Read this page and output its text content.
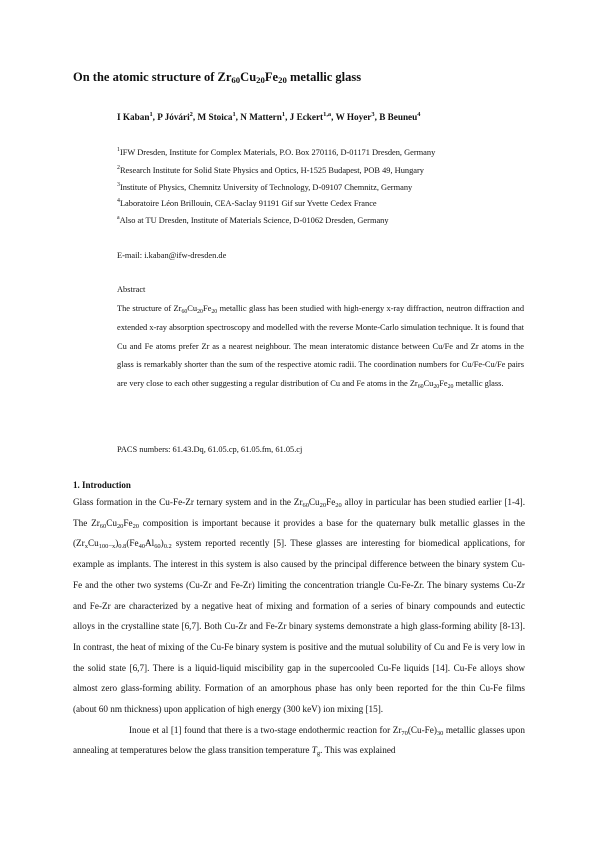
On the atomic structure of $Zr_{60}Cu_{20}Fe_{20}$ metallic glass
I Kaban$^1$, P Jóvári$^2$, M Stoica$^1$, N Mattern$^1$, J Eckert$^{1,a}$, W Hoyer$^3$, B Beuneu$^4$
$^1$IFW Dresden, Institute for Complex Materials, P.O. Box 270116, D-01171 Dresden, Germany
$^2$Research Institute for Solid State Physics and Optics, H-1525 Budapest, POB 49, Hungary
$^3$Institute of Physics, Chemnitz University of Technology, D-09107 Chemnitz, Germany
$^4$Laboratoire Léon Brillouin, CEA-Saclay 91191 Gif sur Yvette Cedex France
$^a$Also at TU Dresden, Institute of Materials Science, D-01062 Dresden, Germany
E-mail: i.kaban@ifw-dresden.de
Abstract
The structure of $Zr_{60}Cu_{20}Fe_{20}$ metallic glass has been studied with high-energy x-ray diffraction, neutron diffraction and extended x-ray absorption spectroscopy and modelled with the reverse Monte-Carlo simulation technique. It is found that Cu and Fe atoms prefer Zr as a nearest neighbour. The mean interatomic distance between Cu/Fe and Zr atoms in the glass is remarkably shorter than the sum of the respective atomic radii. The coordination numbers for Cu/Fe-Cu/Fe pairs are very close to each other suggesting a regular distribution of Cu and Fe atoms in the $Zr_{60}Cu_{20}Fe_{20}$ metallic glass.
PACS numbers: 61.43.Dq, 61.05.cp, 61.05.fm, 61.05.cj
1. Introduction

Glass formation in the Cu-Fe-Zr ternary system and in the $Zr_{60}Cu_{20}Fe_{20}$ alloy in particular has been studied earlier [1-4]. The $Zr_{60}Cu_{20}Fe_{20}$ composition is important because it provides a base for the quaternary bulk metallic glasses in the $(Zr_xCu_{100-x})_{0.8}(Fe_{40}Al_{60})_{0.2}$ system reported recently [5]. These glasses are interesting for biomedical applications, for example as implants. The interest in this system is also caused by the principal difference between the binary system Cu-Fe and the other two systems (Cu-Zr and Fe-Zr) limiting the concentration triangle Cu-Fe-Zr. The binary systems Cu-Zr and Fe-Zr are characterized by a negative heat of mixing and formation of a series of binary compounds and eutectic alloys in the crystalline state [6,7]. Both Cu-Zr and Fe-Zr binary systems demonstrate a high glass-forming ability [8-13]. In contrast, the heat of mixing of the Cu-Fe binary system is positive and the mutual solubility of Cu and Fe is very low in the solid state [6,7]. There is a liquid-liquid miscibility gap in the supercooled Cu-Fe liquids [14]. Cu-Fe alloys show almost zero glass-forming ability. Formation of an amorphous phase has only been reported for the thin Cu-Fe films (about 60 nm thickness) upon application of high energy (300 keV) ion mixing [15].

Inoue et al [1] found that there is a two-stage endothermic reaction for $Zr_{70}(Cu-Fe)_{30}$ metallic glasses upon annealing at temperatures below the glass transition temperature $T_g$. This was explained
